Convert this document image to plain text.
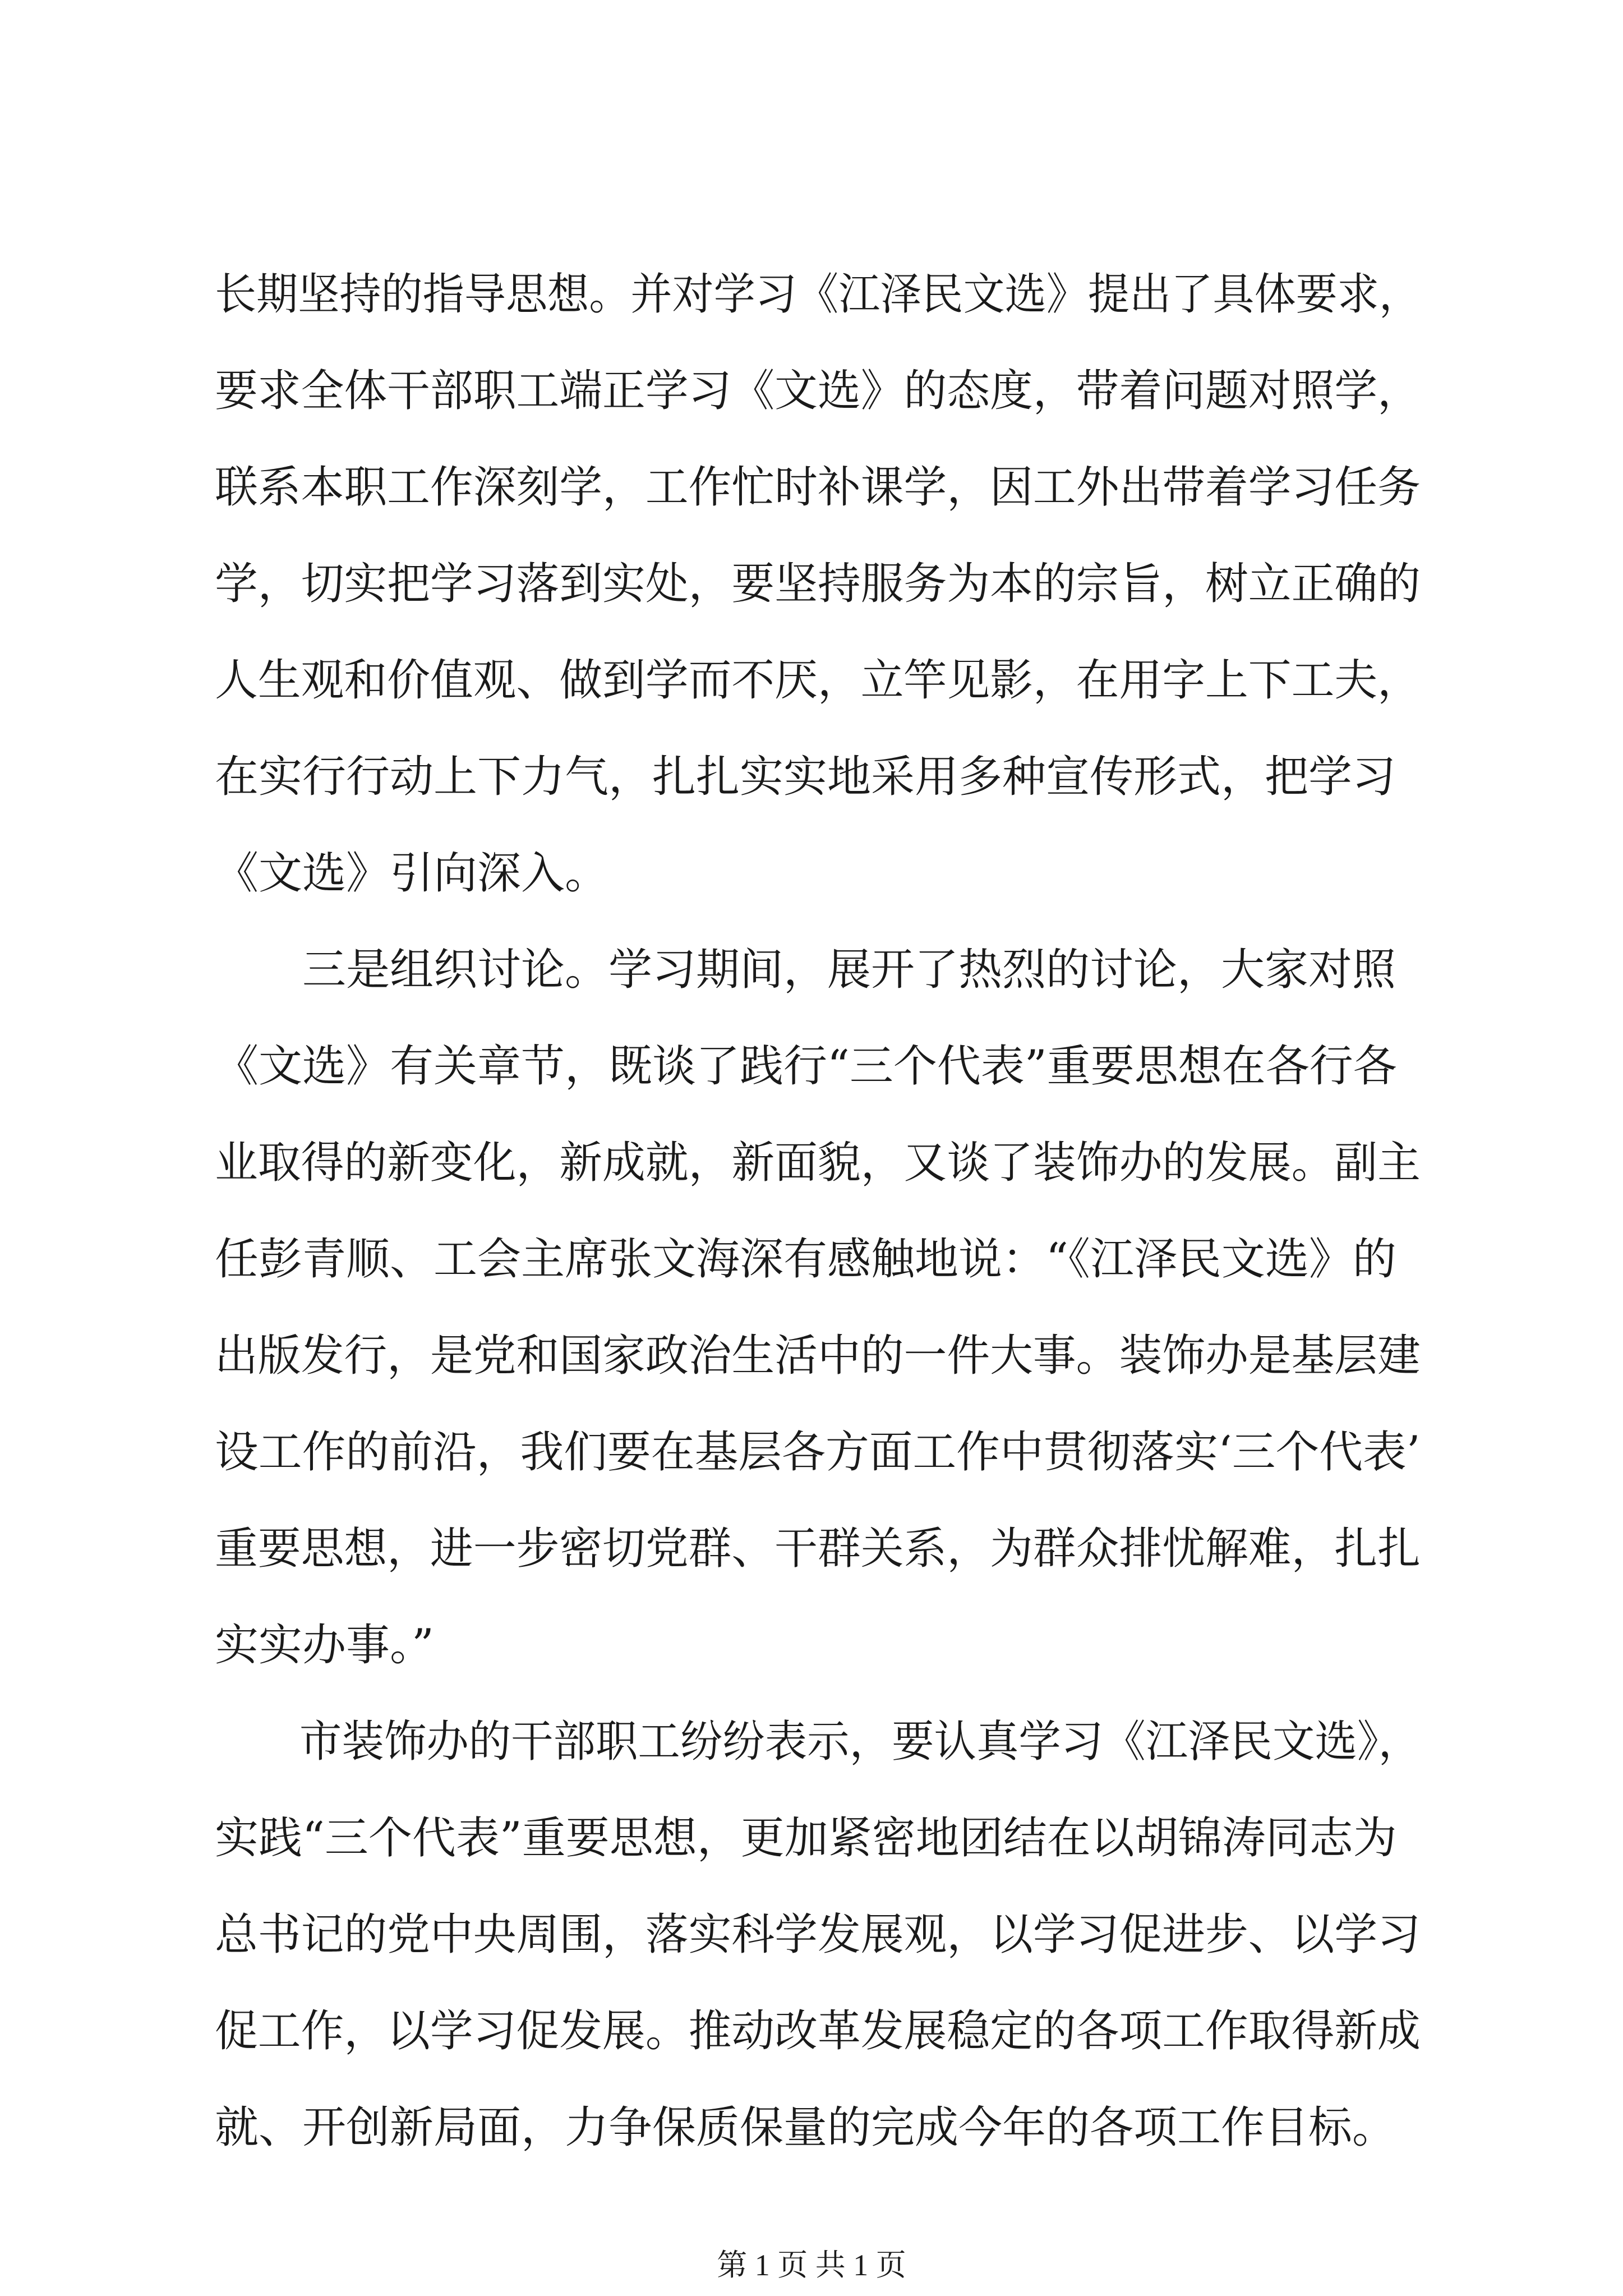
长期坚持的指导思想。并对学习《江泽民文选》提出了具体要求，
要求全体干部职工端正学习《文选》的态度，带着问题对照学，
联系本职工作深刻学，工作忙时补课学，因工外出带着学习任务
学，切实把学习落到实处，要坚持服务为本的宗旨，树立正确的
人生观和价值观、做到学而不厌，立竿见影，在用字上下工夫，
在实行行动上下力气，扎扎实实地采用多种宣传形式，把学习
《文选》引向深入。
　　三是组织讨论。学习期间，展开了热烈的讨论，大家对照
《文选》有关章节，既谈了践行“三个代表”重要思想在各行各
业取得的新变化，新成就，新面貌，又谈了装饰办的发展。副主
任彭青顺、工会主席张文海深有感触地说：“《江泽民文选》的
出版发行，是党和国家政治生活中的一件大事。装饰办是基层建
设工作的前沿，我们要在基层各方面工作中贯彻落实‘三个代表’
重要思想，进一步密切党群、干群关系，为群众排忧解难，扎扎
实实办事。”
　　市装饰办的干部职工纷纷表示，要认真学习《江泽民文选》，
实践“三个代表”重要思想，更加紧密地团结在以胡锦涛同志为
总书记的党中央周围，落实科学发展观，以学习促进步、以学习
促工作，以学习促发展。推动改革发展稳定的各项工作取得新成
就、开创新局面，力争保质保量的完成今年的各项工作目标。
第 1 页 共 1 页
